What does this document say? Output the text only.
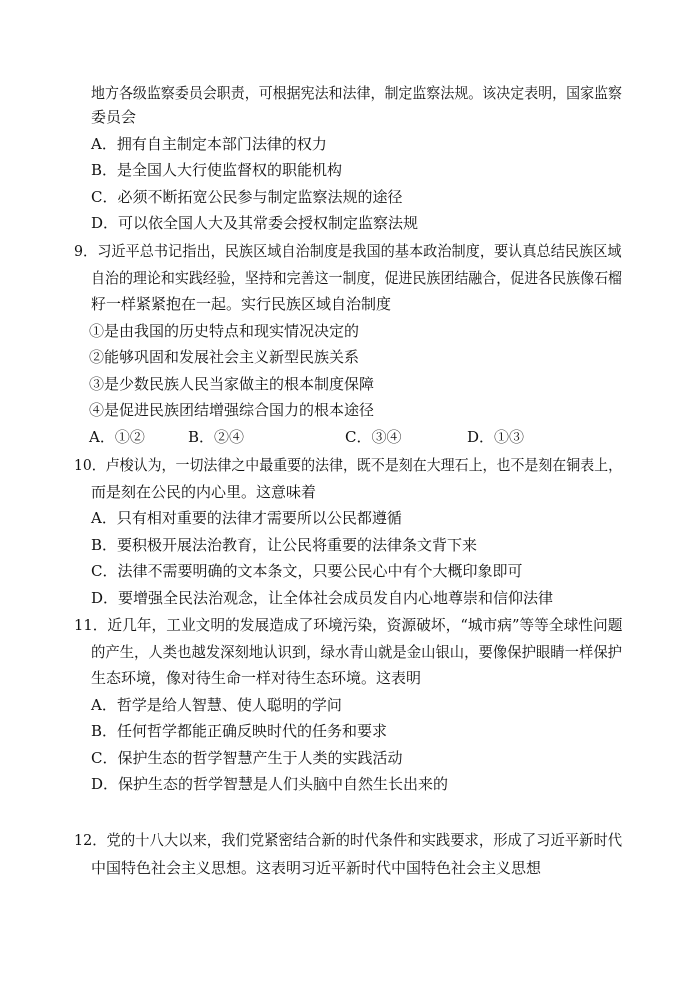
地方各级监察委员会职责，可根据宪法和法律，制定监察法规。该决定表明，国家监察
委员会
A．拥有自主制定本部门法律的权力
B．是全国人大行使监督权的职能机构
C．必须不断拓宽公民参与制定监察法规的途径
D．可以依全国人大及其常委会授权制定监察法规
9．习近平总书记指出，民族区域自治制度是我国的基本政治制度，要认真总结民族区域
自治的理论和实践经验，坚持和完善这一制度，促进民族团结融合，促进各民族像石榴
籽一样紧紧抱在一起。实行民族区域自治制度
①是由我国的历史特点和现实情况决定的
②能够巩固和发展社会主义新型民族关系
③是少数民族人民当家做主的根本制度保障
④是促进民族团结增强综合国力的根本途径
A．①②	B．②④	C．③④	D．①③
10．卢梭认为，一切法律之中最重要的法律，既不是刻在大理石上，也不是刻在铜表上，
而是刻在公民的内心里。这意味着
A．只有相对重要的法律才需要所以公民都遵循
B．要积极开展法治教育，让公民将重要的法律条文背下来
C．法律不需要明确的文本条文，只要公民心中有个大概印象即可
D．要增强全民法治观念，让全体社会成员发自内心地尊崇和信仰法律
11．近几年，工业文明的发展造成了环境污染，资源破坏，“城市病”等等全球性问题
的产生，人类也越发深刻地认识到，绿水青山就是金山银山，要像保护眼睛一样保护
生态环境，像对待生命一样对待生态环境。这表明
A．哲学是给人智慧、使人聪明的学问
B．任何哲学都能正确反映时代的任务和要求
C．保护生态的哲学智慧产生于人类的实践活动
D．保护生态的哲学智慧是人们头脑中自然生长出来的
12．党的十八大以来，我们党紧密结合新的时代条件和实践要求，形成了习近平新时代
中国特色社会主义思想。这表明习近平新时代中国特色社会主义思想
